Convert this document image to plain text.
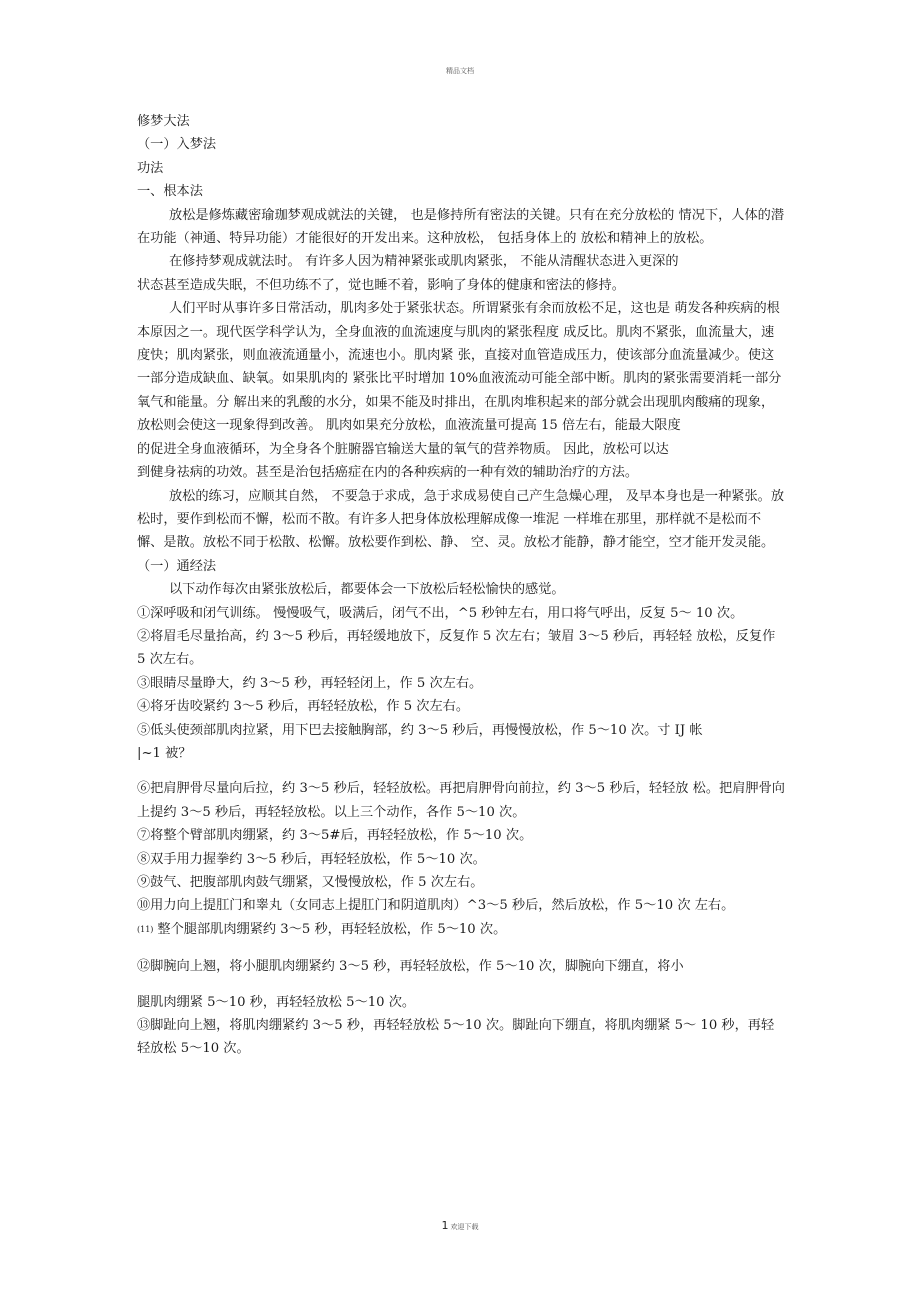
精品文档
修梦大法
（一）入梦法
功法
一、根本法

放松是修炼藏密瑜珈梦观成就法的关键， 也是修持所有密法的关键。只有在充分放松的 情况下，人体的潜在功能（神通、特异功能）才能很好的开发出来。这种放松， 包括身体上的 放松和精神上的放松。

在修持梦观成就法时。 有许多人因为精神紧张或肌肉紧张， 不能从清醒状态进入更深的
状态甚至造成失眠，不但功练不了，觉也睡不着，影响了身体的健康和密法的修持。

人们平时从事许多日常活动，肌肉多处于紧张状态。所谓紧张有余而放松不足，这也是 萌发各种疾病的根本原因之一。现代医学科学认为，全身血液的血流速度与肌肉的紧张程度 成反比。肌肉不紧张，血流量大，速度快；肌肉紧张，则血液流通量小，流速也小。肌肉紧 张，直接对血管造成压力，使该部分血流量减少。使这一部分造成缺血、缺氧。如果肌肉的 紧张比平时增加 10%血液流动可能全部中断。肌肉的紧张需要消耗一部分氧气和能量。分 解出来的乳酸的水分，如果不能及时排出，在肌肉堆积起来的部分就会出现肌肉酸痛的现象， 放松则会使这一现象得到改善。 肌肉如果充分放松，血液流量可提高 15 倍左右，能最大限度

的促进全身血液循环，为全身各个脏腑器官输送大量的氧气的营养物质。 因此，放松可以达
到健身祛病的功效。甚至是治包括癌症在内的各种疾病的一种有效的辅助治疗的方法。

放松的练习，应顺其自然， 不要急于求成，急于求成易使自己产生急燥心理， 及早本身也是一种紧张。放松时，要作到松而不懈，松而不散。有许多人把身体放松理解成像一堆泥 一样堆在那里，那样就不是松而不懈、是散。放松不同于松散、松懈。放松要作到松、静、 空、灵。放松才能静，静才能空，空才能开发灵能。

（一）通经法
以下动作每次由紧张放松后，都要体会一下放松后轻松愉快的感觉。

①深呼吸和闭气训练。 慢慢吸气，吸满后，闭气不出，^5 秒钟左右，用口将气呼出，反复 5～ 10 次。

②将眉毛尽量抬高，约 3～5 秒后，再轻缓地放下，反复作 5 次左右；皱眉 3～5 秒后，再轻轻 放松，反复作 5 次左右。

③眼睛尽量睁大，约 3～5 秒，再轻轻闭上，作 5 次左右。

④将牙齿咬紧约 3～5 秒后，再轻轻放松，作 5 次左右。

⑤低头使颈部肌肉拉紧，用下巴去接触胸部，约 3～5 秒后，再慢慢放松，作 5～10 次。寸 IJ 帐

|~1 被？

⑥把肩胛骨尽量向后拉，约 3～5 秒后，轻轻放松。再把肩胛骨向前拉，约 3～5 秒后，轻轻放 松。把肩胛骨向上提约 3～5 秒后，再轻轻放松。以上三个动作，各作 5～10 次。

⑦将整个臂部肌肉绷紧，约 3～5#后，再轻轻放松，作 5～10 次。

⑧双手用力握拳约 3～5 秒后，再轻轻放松，作 5～10 次。

⑨鼓气、把腹部肌肉鼓气绷紧，又慢慢放松，作 5 次左右。

⑩用力向上提肛门和睾丸（女同志上提肛门和阴道肌肉）^3～5 秒后，然后放松，作 5～10 次 左右。

(11) 整个腿部肌肉绷紧约 3～5 秒，再轻轻放松，作 5～10 次。
⑫脚腕向上翘，将小腿肌肉绷紧约 3～5 秒，再轻轻放松，作 5～10 次，脚腕向下绷直，将小
腿肌肉绷紧 5～10 秒，再轻轻放松 5～10 次。

⑬脚趾向上翘，将肌肉绷紧约 3～5 秒，再轻轻放松 5～10 次。脚趾向下绷直，将肌肉绷紧 5～ 10 秒，再轻轻放松 5～10 次。

1 欢迎下载
